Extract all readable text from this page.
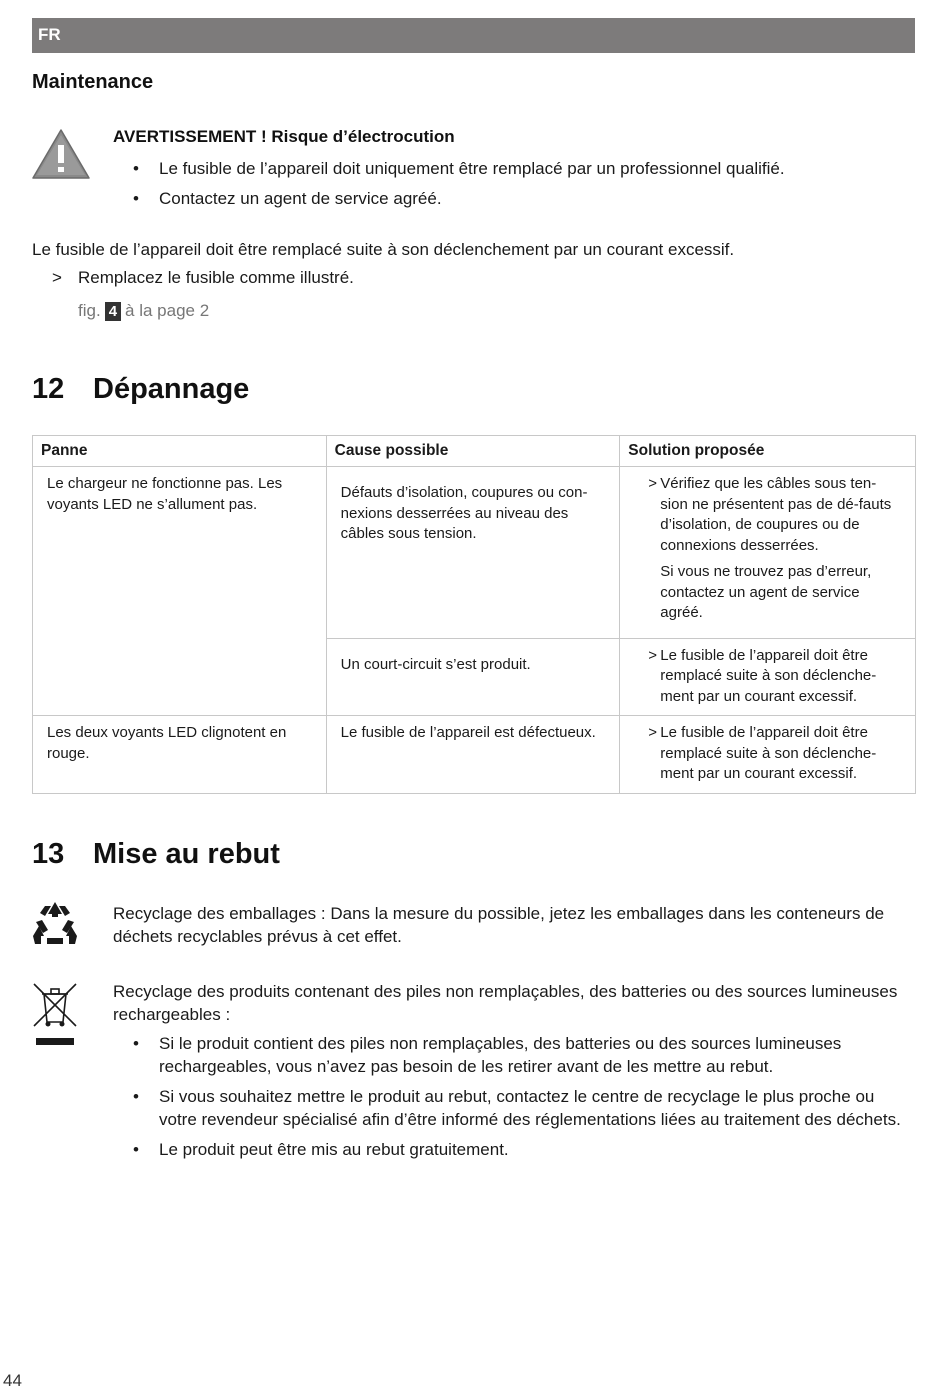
FR
Maintenance
AVERTISSEMENT ! Risque d’électrocution
• Le fusible de l’appareil doit uniquement être remplacé par un professionnel qualifié.
• Contactez un agent de service agréé.
Le fusible de l’appareil doit être remplacé suite à son déclenchement par un courant excessif.
> Remplacez le fusible comme illustré.
fig. 4 à la page 2
12 Dépannage
Panne	Cause possible	Solution proposée
Le chargeur ne fonctionne pas. Les voyants LED ne s’allument pas.	Défauts d’isolation, coupures ou con-nexions desserrées au niveau des câbles sous tension.	> Vérifiez que les câbles sous ten-sion ne présentent pas de dé-fauts d’isolation, de coupures ou de connexions desserrées.

Si vous ne trouvez pas d’erreur, contactez un agent de service agréé.

	Un court-circuit s’est produit.	> Le fusible de l’appareil doit être remplacé suite à son déclenche-ment par un courant excessif.
Les deux voyants LED clignotent en rouge.	Le fusible de l’appareil est défectueux.	> Le fusible de l’appareil doit être remplacé suite à son déclenche-ment par un courant excessif.
13 Mise au rebut
Recyclage des emballages : Dans la mesure du possible, jetez les emballages dans les conteneurs de déchets recyclables prévus à cet effet.
Recyclage des produits contenant des piles non remplaçables, des batteries ou des sources lumineuses rechargeables :
• Si le produit contient des piles non remplaçables, des batteries ou des sources lumineuses rechargeables, vous n’avez pas besoin de les retirer avant de les mettre au rebut.
• Si vous souhaitez mettre le produit au rebut, contactez le centre de recyclage le plus proche ou votre revendeur spécialisé afin d’être informé des réglementations liées au traitement des déchets.
• Le produit peut être mis au rebut gratuitement.
44
